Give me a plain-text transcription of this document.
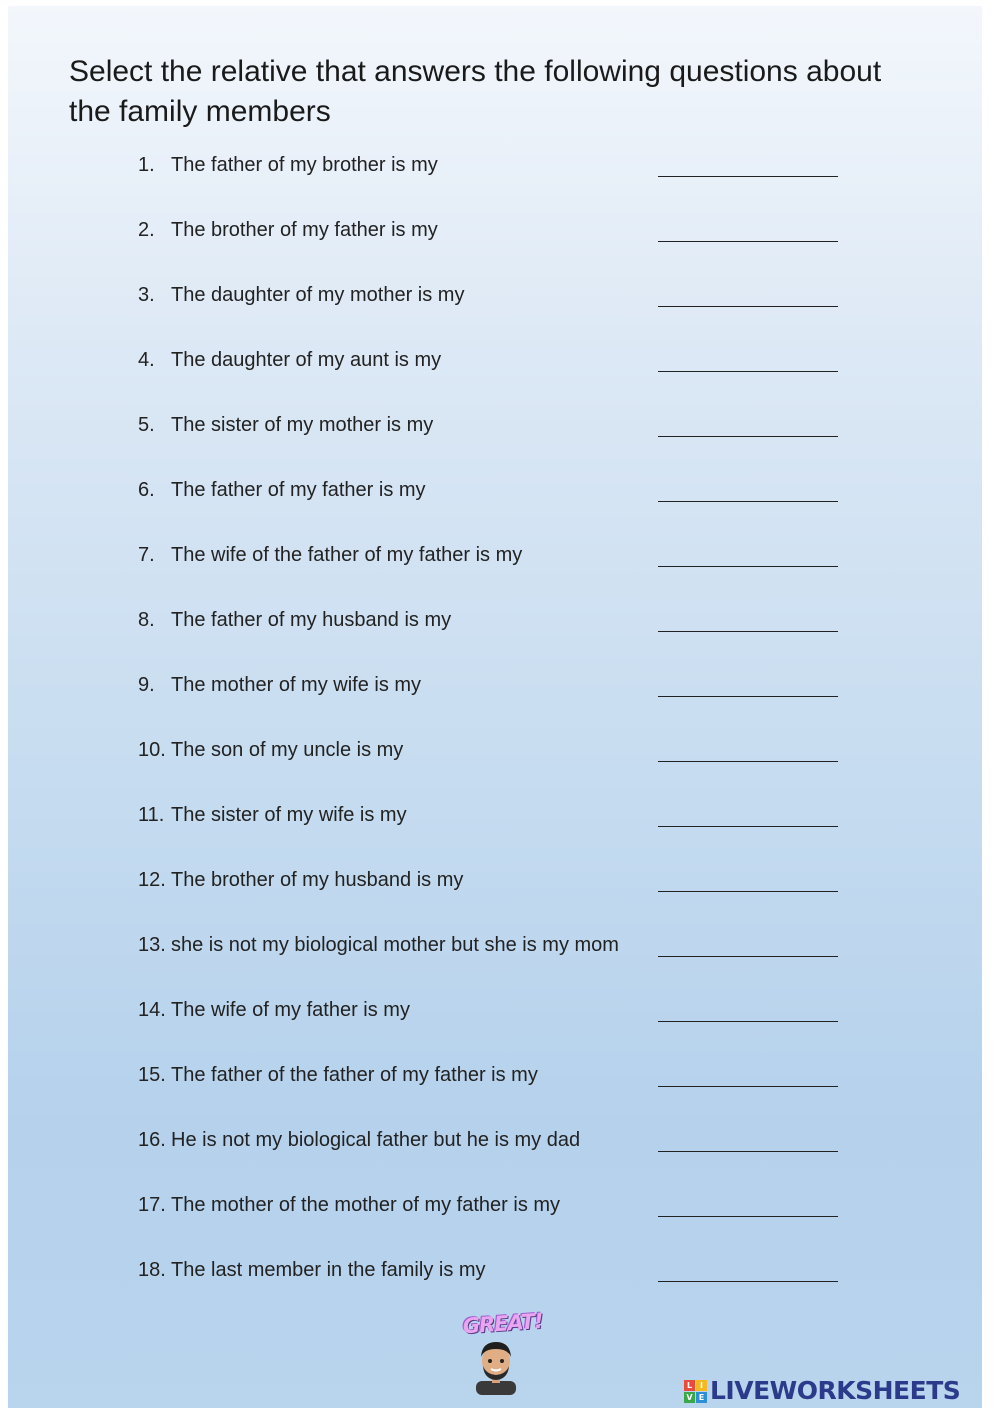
Select the relative that answers the following questions about the family members
1. The father of my brother is my
2. The brother of my father is my
3. The daughter of my mother is my
4. The daughter of my aunt is my
5. The sister of my mother is my
6. The father of my father is my
7. The wife of the father of my father is my
8. The father of my husband is my
9. The mother of my wife is my
10. The son of my uncle is my
11. The sister of my wife is my
12. The brother of my husband is my
13. she is not my biological mother but she is my mom
14. The wife of my father is my
15. The father of the father of my father is my
16. He is not my biological father but he is my dad
17. The mother of the mother of my father is my
18. The last member in the family is my
GREAT!
L I
V E LIVEWORKSHEETS
